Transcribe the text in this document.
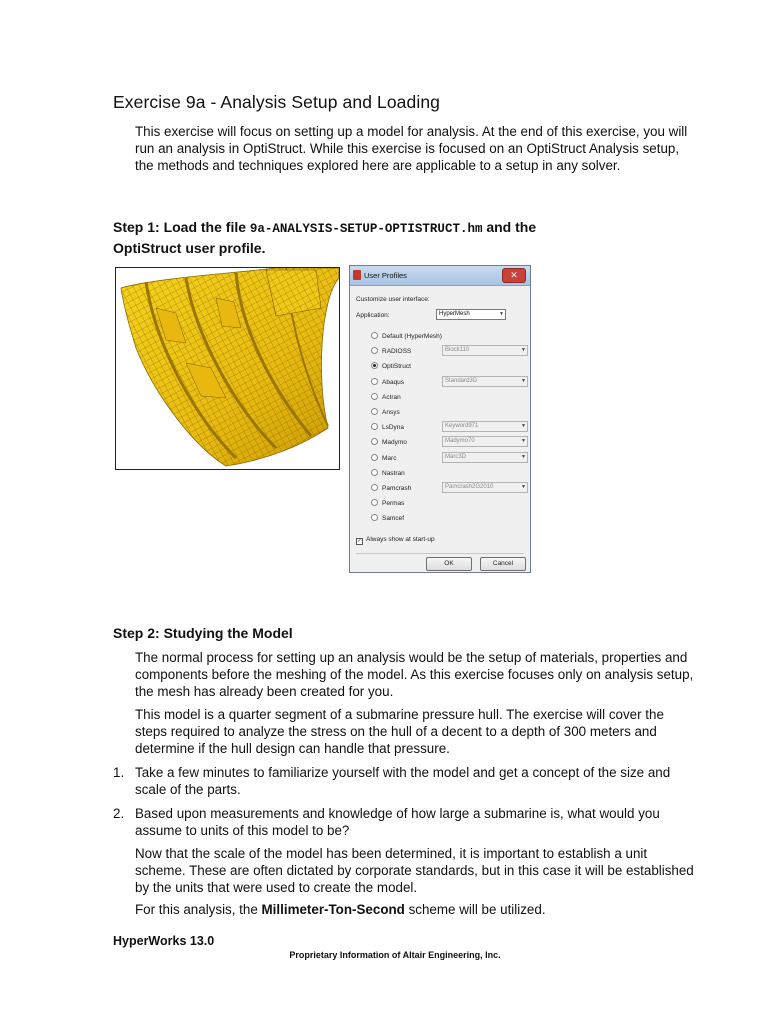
Exercise 9a - Analysis Setup and Loading

This exercise will focus on setting up a model for analysis. At the end of this exercise, you will run an analysis in OptiStruct. While this exercise is focused on an OptiStruct Analysis setup, the methods and techniques explored here are applicable to a setup in any solver.

Step 1: Load the file 9a-ANALYSIS-SETUP-OPTISTRUCT.hm and the
OptiStruct user profile.
User Profiles	✕
Customize user interface:
Application:	HyperMesh	▼
Default (HyperMesh)
RADIOSS	Block110	▼
OptiStruct
Abaqus	Standard3D	▼
Actran
Ansys
LsDyna	Keyword971	▼
Madymo	Madymo70	▼
Marc	Marc3D	▼
Nastran
Pamcrash	Pamcrash2G2010	▼
Permas
Samcef
✓ Always show at start-up
OK	Cancel
Step 2: Studying the Model

The normal process for setting up an analysis would be the setup of materials, properties and components before the meshing of the model. As this exercise focuses only on analysis setup, the mesh has already been created for you.

This model is a quarter segment of a submarine pressure hull. The exercise will cover the steps required to analyze the stress on the hull of a decent to a depth of 300 meters and determine if the hull design can handle that pressure.

1. Take a few minutes to familiarize yourself with the model and get a concept of the size and scale of the parts.

2. Based upon measurements and knowledge of how large a submarine is, what would you assume to units of this model to be?

Now that the scale of the model has been determined, it is important to establish a unit scheme. These are often dictated by corporate standards, but in this case it will be established by the units that were used to create the model.

For this analysis, the Millimeter-Ton-Second scheme will be utilized.

HyperWorks 13.0
Proprietary Information of Altair Engineering, Inc.
